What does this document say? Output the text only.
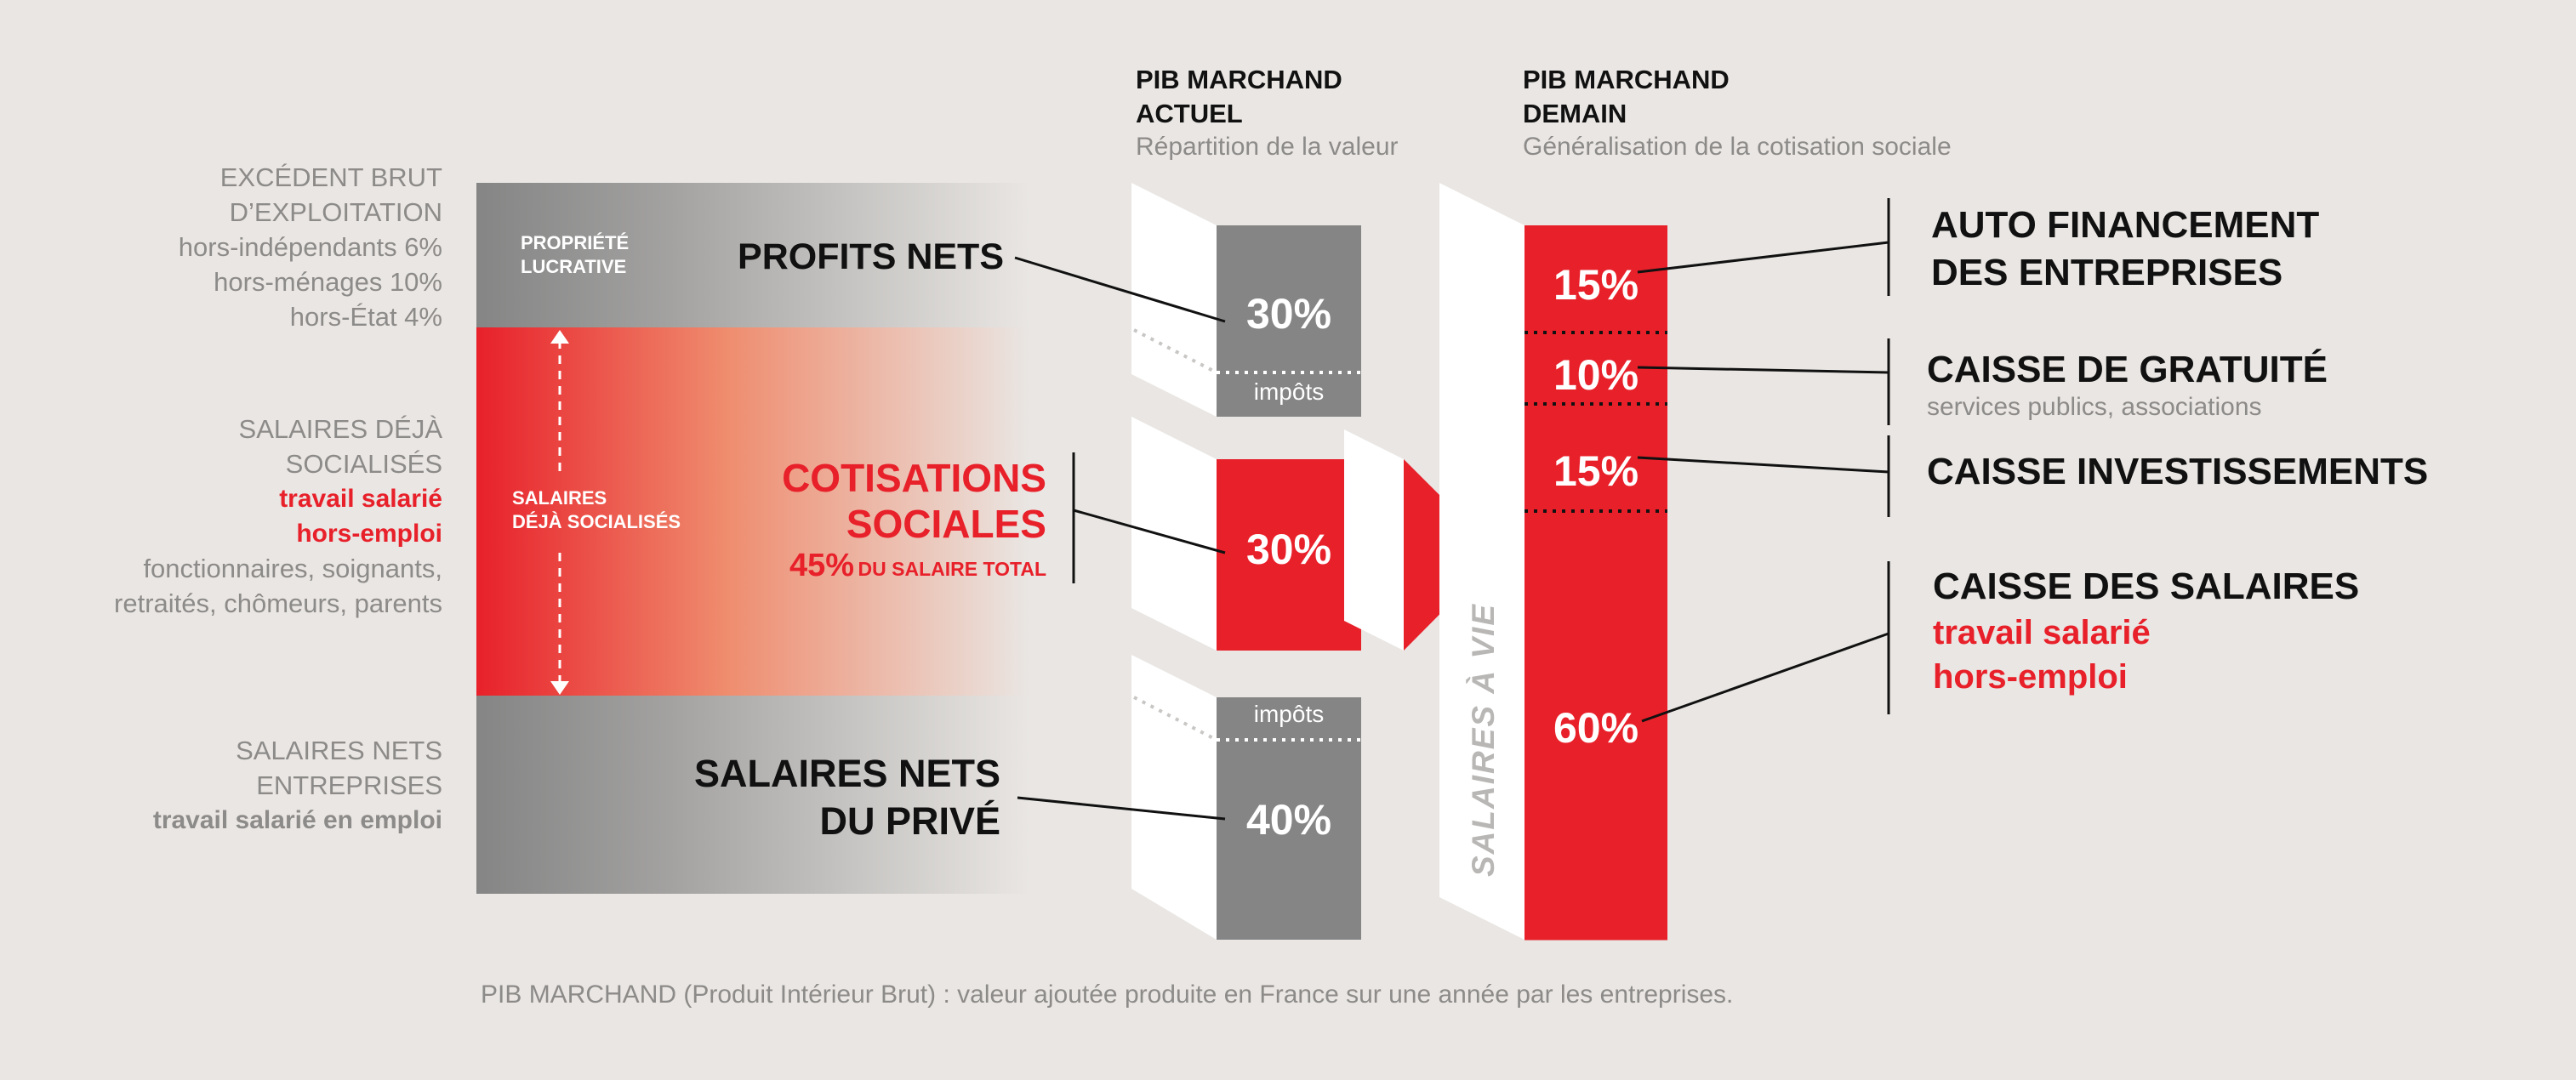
EXCÉDENT BRUT
D’EXPLOITATION
hors-indépendants 6%
hors-ménages 10%
hors-État 4%
SALAIRES DÉJÀ
SOCIALISÉS
travail salarié
hors-emploi
fonctionnaires, soignants,
retraités, chômeurs, parents
SALAIRES NETS
ENTREPRISES
travail salarié en emploi
PROPRIÉTÉ
LUCRATIVE
SALAIRES
DÉJÀ SOCIALISÉS
PROFITS NETS
COTISATIONS
SOCIALES
45% DU SALAIRE TOTAL
SALAIRES NETS
DU PRIVÉ
PIB MARCHAND
ACTUEL
Répartition de la valeur
30%
impôts
30%
impôts
40%	SALAIRES À VIE
PIB MARCHAND
DEMAIN
Généralisation de la cotisation sociale
15%
10%
15%
60%
AUTO FINANCEMENT
DES ENTREPRISES
CAISSE DE GRATUITÉ
services publics, associations
CAISSE INVESTISSEMENTS
CAISSE DES SALAIRES
travail salarié
hors-emploi
PIB MARCHAND (Produit Intérieur Brut) : valeur ajoutée produite en France sur une année par les entreprises.
